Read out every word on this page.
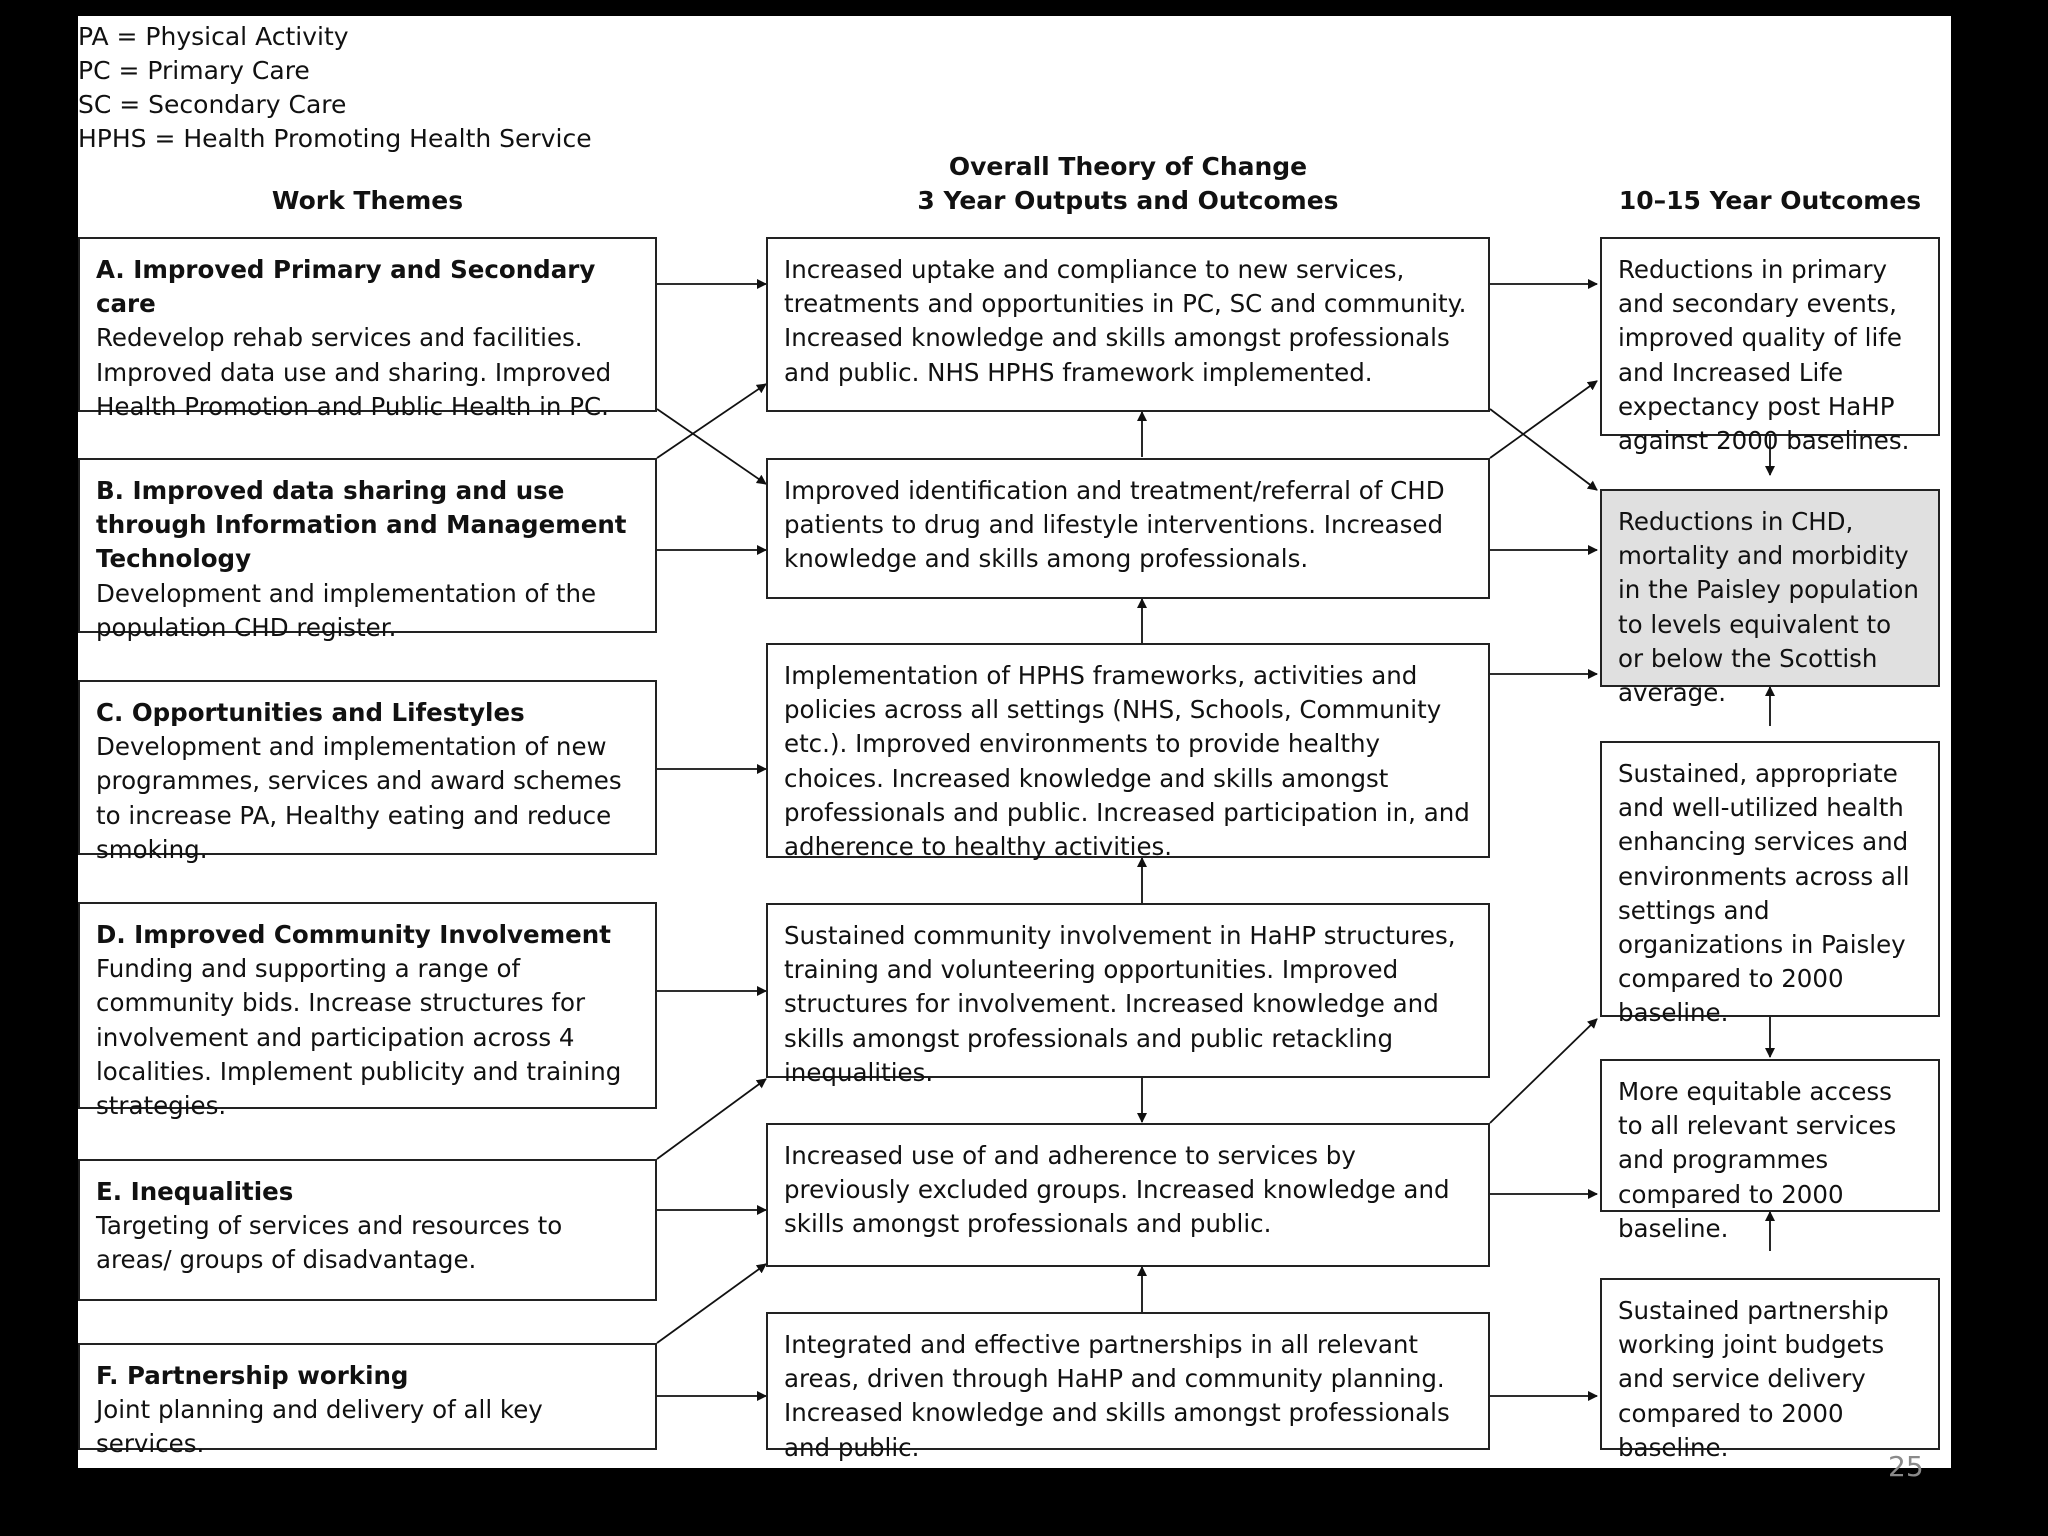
PA = Physical Activity
PC = Primary Care
SC = Secondary Care
HPHS = Health Promoting Health Service
Work Themes
Overall Theory of Change
3 Year Outputs and Outcomes	10–15 Year Outcomes
A. Improved Primary and Secondary care
Redevelop rehab services and facilities. Improved data use and sharing. Improved Health Promotion and Public Health in PC.
B. Improved data sharing and use through Information and Management Technology
Development and implementation of the population CHD register.
C. Opportunities and Lifestyles
Development and implementation of new programmes, services and award schemes to increase PA, Healthy eating and reduce smoking.
D. Improved Community Involvement
Funding and supporting a range of community bids. Increase structures for involvement and participation across 4 localities. Implement publicity and training strategies.
E. Inequalities
Targeting of services and resources to areas/ groups of disadvantage.
F. Partnership working
Joint planning and delivery of all key services.
Increased uptake and compliance to new services, treatments and opportunities in PC, SC and community. Increased knowledge and skills amongst professionals and public. NHS HPHS framework implemented.
Improved identification and treatment/referral of CHD patients to drug and lifestyle interventions. Increased knowledge and skills among professionals.
Implementation of HPHS frameworks, activities and policies across all settings (NHS, Schools, Community etc.). Improved environments to provide healthy choices. Increased knowledge and skills amongst professionals and public. Increased participation in, and adherence to healthy activities.
Sustained community involvement in HaHP structures, training and volunteering opportunities. Improved structures for involvement. Increased knowledge and skills amongst professionals and public retackling inequalities.
Increased use of and adherence to services by previously excluded groups. Increased knowledge and skills amongst professionals and public.
Integrated and effective partnerships in all relevant areas, driven through HaHP and community planning. Increased knowledge and skills amongst professionals and public.
Reductions in primary and secondary events, improved quality of life and Increased Life expectancy post HaHP against 2000 baselines.
Reductions in CHD, mortality and morbidity in the Paisley population to levels equivalent to or below the Scottish average.
Sustained, appropriate and well-utilized health enhancing services and environments across all settings and organizations in Paisley compared to 2000 baseline.
More equitable access to all relevant services and programmes compared to 2000 baseline.
Sustained partnership working joint budgets and service delivery compared to 2000 baseline.
25
